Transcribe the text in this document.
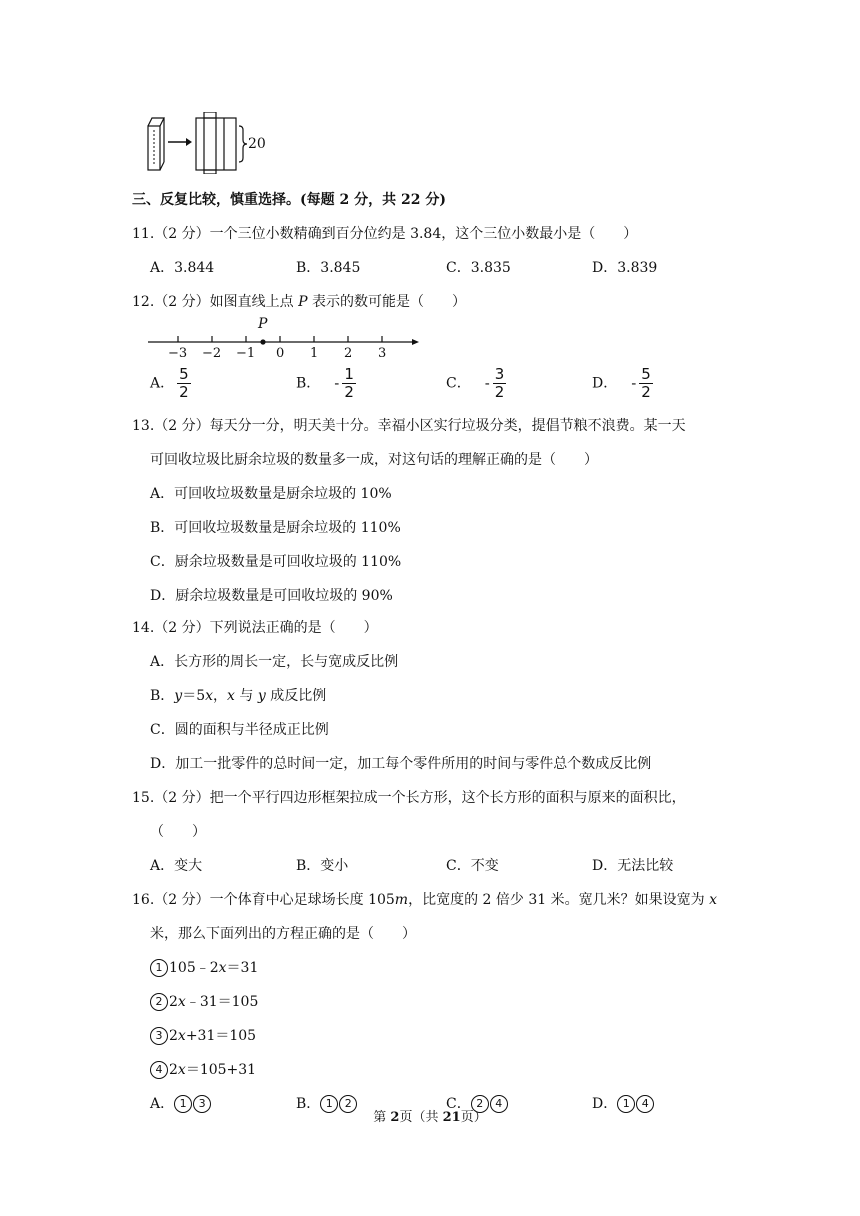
20
三、反复比较，慎重选择。(每题 2 分，共 22 分)
11.（2 分）一个三位小数精确到百分位约是 3.84，这个三位小数最小是（　　）
A．3.844	B．3.845	C．3.835	D．3.839
12.（2 分）如图直线上点 P 表示的数可能是（　　）
P
−3 −2 −1 0 1 2 3
A． $\frac{5}{2}$	B． - $\frac{1}{2}$	C． - $\frac{3}{2}$	D． - $\frac{5}{2}$
13.（2 分）每天分一分，明天美十分。幸福小区实行垃圾分类，提倡节粮不浪费。某一天
可回收垃圾比厨余垃圾的数量多一成，对这句话的理解正确的是（　　）
A．可回收垃圾数量是厨余垃圾的 10%
B．可回收垃圾数量是厨余垃圾的 110%
C．厨余垃圾数量是可回收垃圾的 110%
D．厨余垃圾数量是可回收垃圾的 90%
14.（2 分）下列说法正确的是（　　）
A．长方形的周长一定，长与宽成反比例
B．y＝5x，x 与 y 成反比例
C．圆的面积与半径成正比例
D．加工一批零件的总时间一定，加工每个零件所用的时间与零件总个数成反比例
15.（2 分）把一个平行四边形框架拉成一个长方形，这个长方形的面积与原来的面积比，
（　　）
A．变大	B．变小	C．不变	D．无法比较
16.（2 分）一个体育中心足球场长度 105m，比宽度的 2 倍少 31 米。宽几米？如果设宽为 x
米，那么下面列出的方程正确的是（　　）
1 105﹣2x＝31
2 2x﹣31＝105
3 2x+31＝105
4 2x＝105+31
A． 1 3	B． 1 2	C． 2 4	D． 1 4
第 2页（共 21页）
